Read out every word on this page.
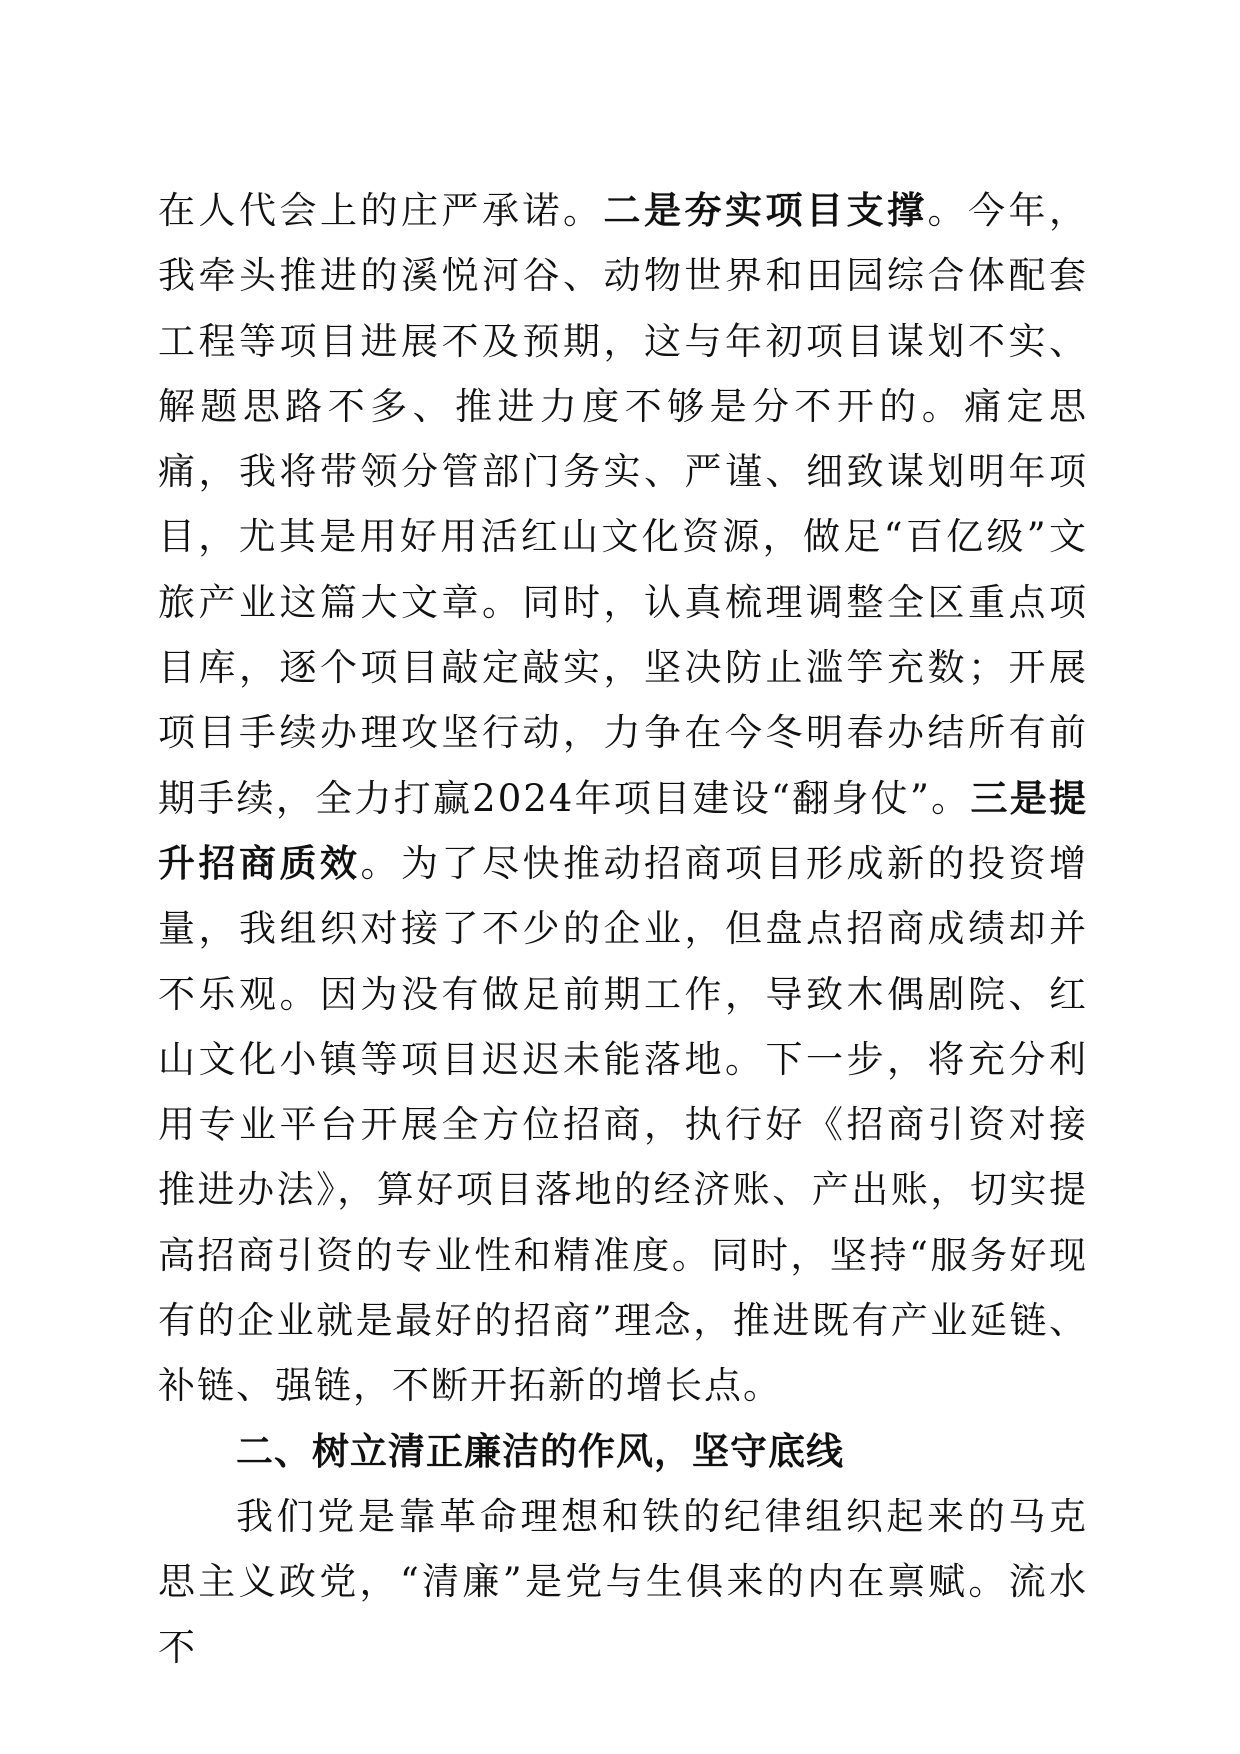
在人代会上的庄严承诺。二是夯实项目支撑。今年，我牵头推进的溪悦河谷、动物世界和田园综合体配套工程等项目进展不及预期，这与年初项目谋划不实、解题思路不多、推进力度不够是分不开的。痛定思痛，我将带领分管部门务实、严谨、细致谋划明年项目，尤其是用好用活红山文化资源，做足“百亿级”文旅产业这篇大文章。同时，认真梳理调整全区重点项目库，逐个项目敲定敲实，坚决防止滥竽充数；开展项目手续办理攻坚行动，力争在今冬明春办结所有前期手续，全力打赢2024年项目建设“翻身仗”。三是提升招商质效。为了尽快推动招商项目形成新的投资增量，我组织对接了不少的企业，但盘点招商成绩却并不乐观。因为没有做足前期工作，导致木偶剧院、红山文化小镇等项目迟迟未能落地。下一步，将充分利用专业平台开展全方位招商，执行好《招商引资对接推进办法》，算好项目落地的经济账、产出账，切实提高招商引资的专业性和精准度。同时，坚持“服务好现有的企业就是最好的招商”理念，推进既有产业延链、补链、强链，不断开拓新的增长点。

二、树立清正廉洁的作风，坚守底线

我们党是靠革命理想和铁的纪律组织起来的马克思主义政党，“清廉”是党与生俱来的内在禀赋。流水不
